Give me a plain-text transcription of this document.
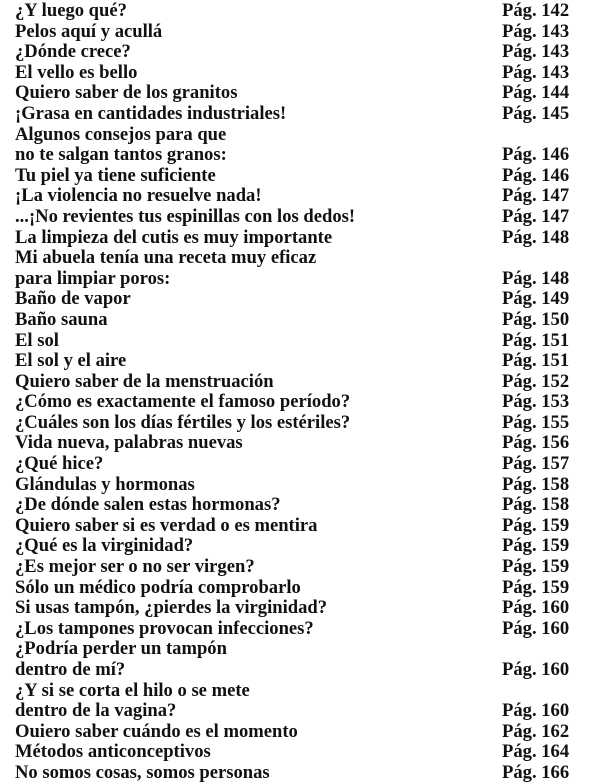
¿Y luego qué?	Pág. 142
Pelos aquí y acullá	Pág. 143
¿Dónde crece?	Pág. 143
El vello es bello	Pág. 143
Quiero saber de los granitos	Pág. 144
¡Grasa en cantidades industriales!	Pág. 145
Algunos consejos para que
no te salgan tantos granos:	Pág. 146
Tu piel ya tiene suficiente	Pág. 146
¡La violencia no resuelve nada!	Pág. 147
...¡No revientes tus espinillas con los dedos!	Pág. 147
La limpieza del cutis es muy importante	Pág. 148
Mi abuela tenía una receta muy eficaz
para limpiar poros:	Pág. 148
Baño de vapor	Pág. 149
Baño sauna	Pág. 150
El sol	Pág. 151
El sol y el aire	Pág. 151
Quiero saber de la menstruación	Pág. 152
¿Cómo es exactamente el famoso período?	Pág. 153
¿Cuáles son los días fértiles y los estériles?	Pág. 155
Vida nueva, palabras nuevas	Pág. 156
¿Qué hice?	Pág. 157
Glándulas y hormonas	Pág. 158
¿De dónde salen estas hormonas?	Pág. 158
Quiero saber si es verdad o es mentira	Pág. 159
¿Qué es la virginidad?	Pág. 159
¿Es mejor ser o no ser virgen?	Pág. 159
Sólo un médico podría comprobarlo	Pág. 159
Si usas tampón, ¿pierdes la virginidad?	Pág. 160
¿Los tampones provocan infecciones?	Pág. 160
¿Podría perder un tampón
dentro de mí?	Pág. 160
¿Y si se corta el hilo o se mete
dentro de la vagina?	Pág. 160
Ouiero saber cuándo es el momento	Pág. 162
Métodos anticonceptivos	Pág. 164
No somos cosas, somos personas	Pág. 166
